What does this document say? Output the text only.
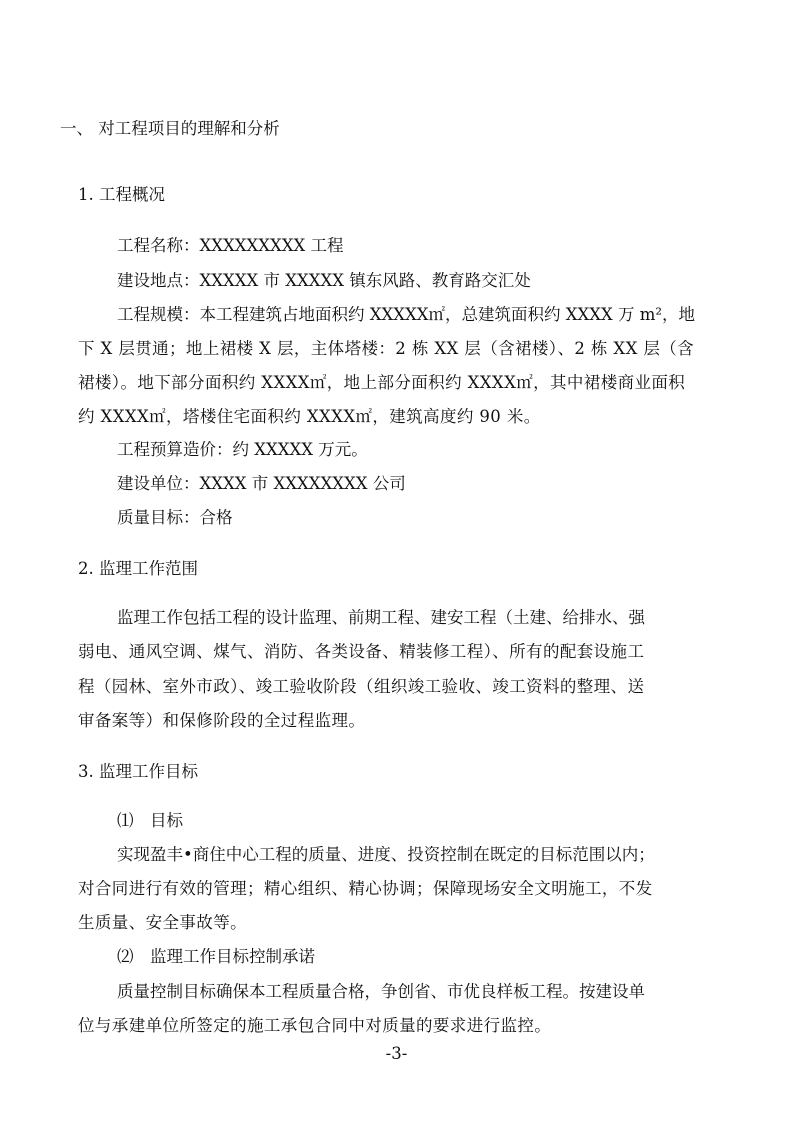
一、 对工程项目的理解和分析
1. 工程概况
工程名称：XXXXXXXXX 工程
建设地点：XXXXX 市 XXXXX 镇东风路、教育路交汇处
工程规模：本工程建筑占地面积约 XXXXX㎡，总建筑面积约 XXXX 万 m²，地
下 X 层贯通；地上裙楼 X 层，主体塔楼：2 栋 XX 层（含裙楼）、2 栋 XX 层（含
裙楼）。地下部分面积约 XXXX㎡，地上部分面积约 XXXX㎡，其中裙楼商业面积
约 XXXX㎡，塔楼住宅面积约 XXXX㎡，建筑高度约 90 米。
工程预算造价：约 XXXXX 万元。
建设单位：XXXX 市 XXXXXXXX 公司
质量目标：合格
2. 监理工作范围
监理工作包括工程的设计监理、前期工程、建安工程（土建、给排水、强
弱电、通风空调、煤气、消防、各类设备、精装修工程）、所有的配套设施工
程（园林、室外市政）、竣工验收阶段（组织竣工验收、竣工资料的整理、送
审备案等）和保修阶段的全过程监理。
3. 监理工作目标
⑴　目标
实现盈丰•商住中心工程的质量、进度、投资控制在既定的目标范围以内；
对合同进行有效的管理；精心组织、精心协调；保障现场安全文明施工，不发
生质量、安全事故等。
⑵　监理工作目标控制承诺
质量控制目标确保本工程质量合格，争创省、市优良样板工程。按建设单
位与承建单位所签定的施工承包合同中对质量的要求进行监控。
-3-
